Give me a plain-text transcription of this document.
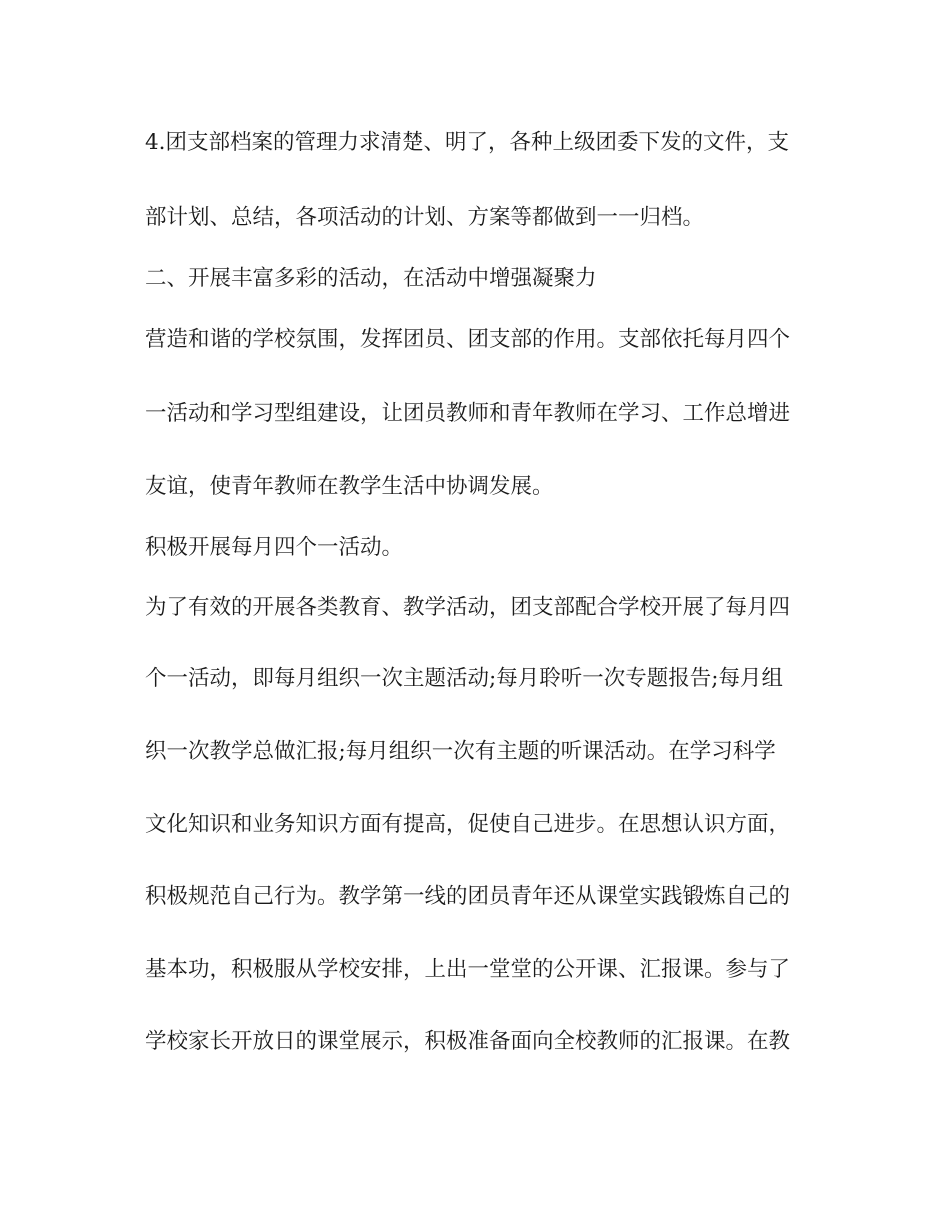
4.团支部档案的管理力求清楚、明了，各种上级团委下发的文件，支
部计划、总结，各项活动的计划、方案等都做到一一归档。
二、开展丰富多彩的活动，在活动中增强凝聚力
营造和谐的学校氛围，发挥团员、团支部的作用。支部依托每月四个
一活动和学习型组建设，让团员教师和青年教师在学习、工作总增进
友谊，使青年教师在教学生活中协调发展。
积极开展每月四个一活动。
为了有效的开展各类教育、教学活动，团支部配合学校开展了每月四
个一活动，即每月组织一次主题活动;每月聆听一次专题报告;每月组
织一次教学总做汇报;每月组织一次有主题的听课活动。在学习科学
文化知识和业务知识方面有提高，促使自己进步。在思想认识方面，
积极规范自己行为。教学第一线的团员青年还从课堂实践锻炼自己的
基本功，积极服从学校安排，上出一堂堂的公开课、汇报课。参与了
学校家长开放日的课堂展示，积极准备面向全校教师的汇报课。在教
